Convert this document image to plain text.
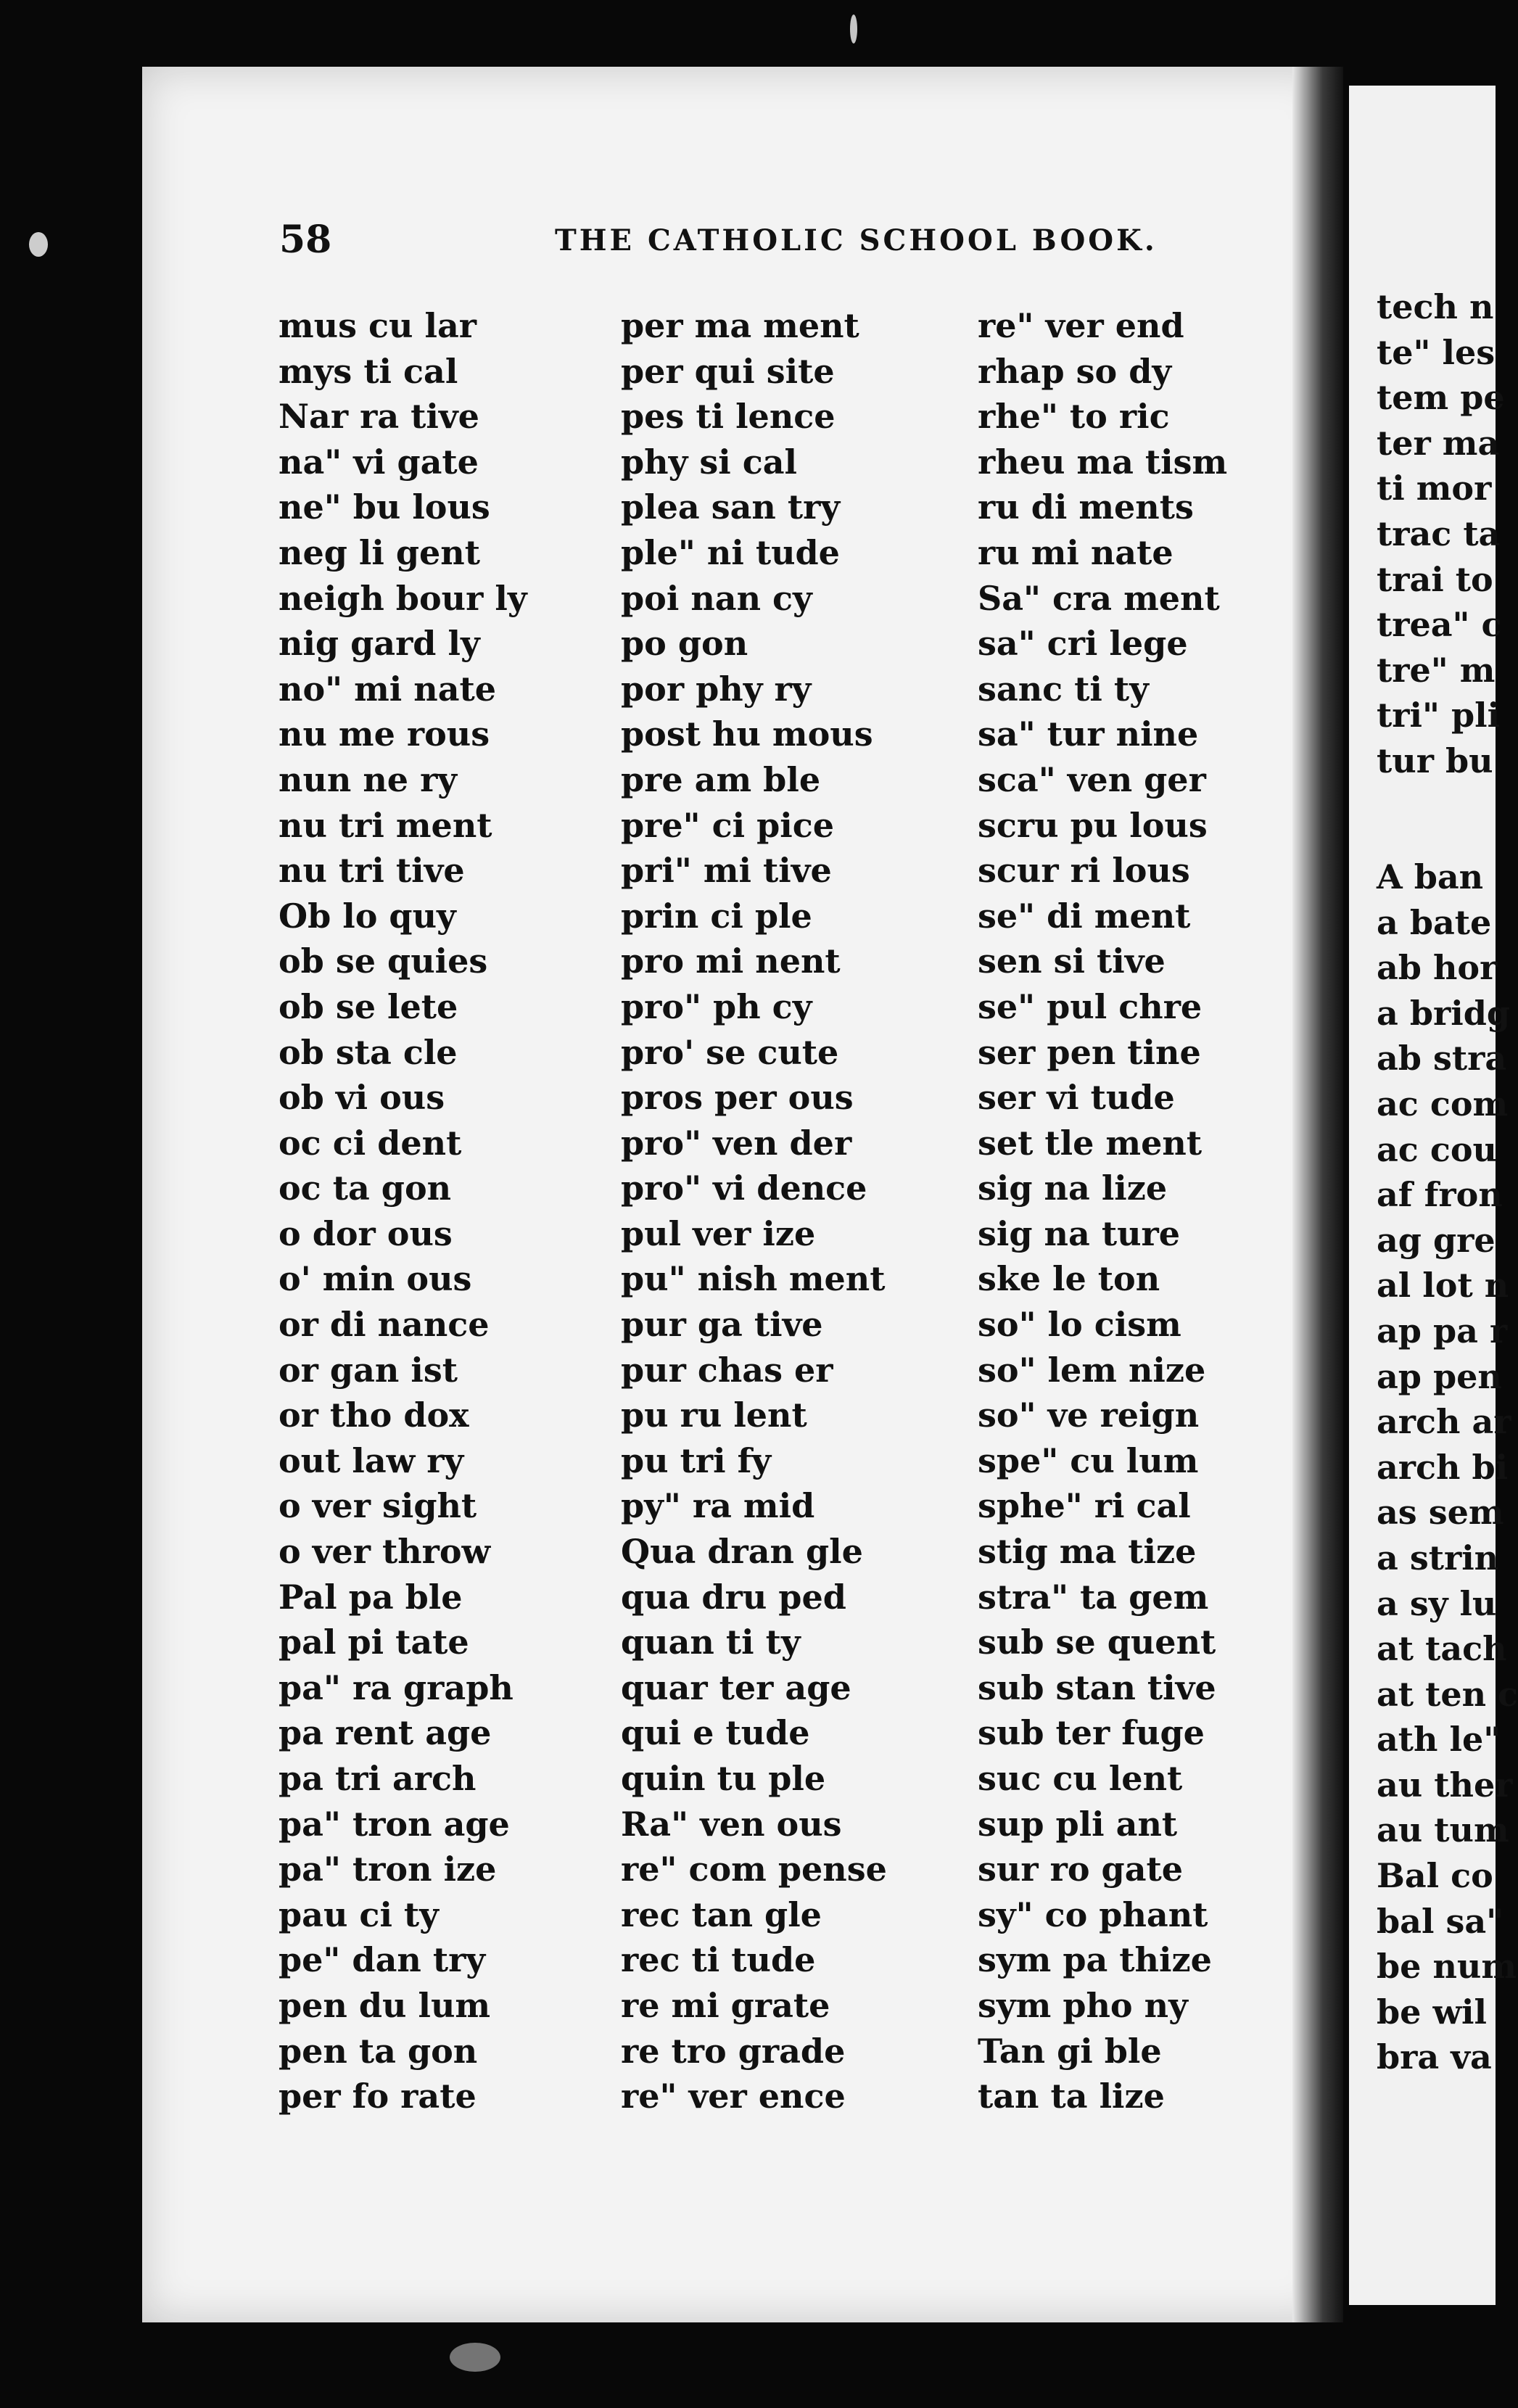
58	THE CATHOLIC SCHOOL BOOK.
mus cu lar
mys ti cal
Nar ra tive
na" vi gate
ne" bu lous
neg li gent
neigh bour ly
nig gard ly
no" mi nate
nu me rous
nun ne ry
nu tri ment
nu tri tive
Ob lo quy
ob se quies
ob se lete
ob sta cle
ob vi ous
oc ci dent
oc ta gon
o dor ous
o' min ous
or di nance
or gan ist
or tho dox
out law ry
o ver sight
o ver throw
Pal pa ble
pal pi tate
pa" ra graph
pa rent age
pa tri arch
pa" tron age
pa" tron ize
pau ci ty
pe" dan try
pen du lum
pen ta gon
per fo rate
per ma ment
per qui site
pes ti lence
phy si cal
plea san try
ple" ni tude
poi nan cy
po gon
por phy ry
post hu mous
pre am ble
pre" ci pice
pri" mi tive
prin ci ple
pro mi nent
pro" ph cy
pro' se cute
pros per ous
pro" ven der
pro" vi dence
pul ver ize
pu" nish ment
pur ga tive
pur chas er
pu ru lent
pu tri fy
py" ra mid
Qua dran gle
qua dru ped
quan ti ty
quar ter age
qui e tude
quin tu ple
Ra" ven ous
re" com pense
rec tan gle
rec ti tude
re mi grate
re tro grade
re" ver ence
re" ver end
rhap so dy
rhe" to ric
rheu ma tism
ru di ments
ru mi nate
Sa" cra ment
sa" cri lege
sanc ti ty
sa" tur nine
sca" ven ger
scru pu lous
scur ri lous
se" di ment
sen si tive
se" pul chre
ser pen tine
ser vi tude
set tle ment
sig na lize
sig na ture
ske le ton
so" lo cism
so" lem nize
so" ve reign
spe" cu lum
sphe" ri cal
stig ma tize
stra" ta gem
sub se quent
sub stan tive
sub ter fuge
suc cu lent
sup pli ant
sur ro gate
sy" co phant
sym pa thize
sym pho ny
Tan gi ble
tan ta lize
tech n
te" les
tem pe
ter ma
ti mor
trac ta
trai to
trea" c
tre" m
tri" pli
tur bu
A ban
a bate
ab hor
a bridg
ab stra
ac com
ac cou
af fron
ag gre
al lot n
ap pa r
ap pen
arch ar
arch bi
as sem
a strin
a sy lu
at tach
at ten c
ath le"
au ther
au tum
Bal co
bal sa"
be num
be wil
bra va
